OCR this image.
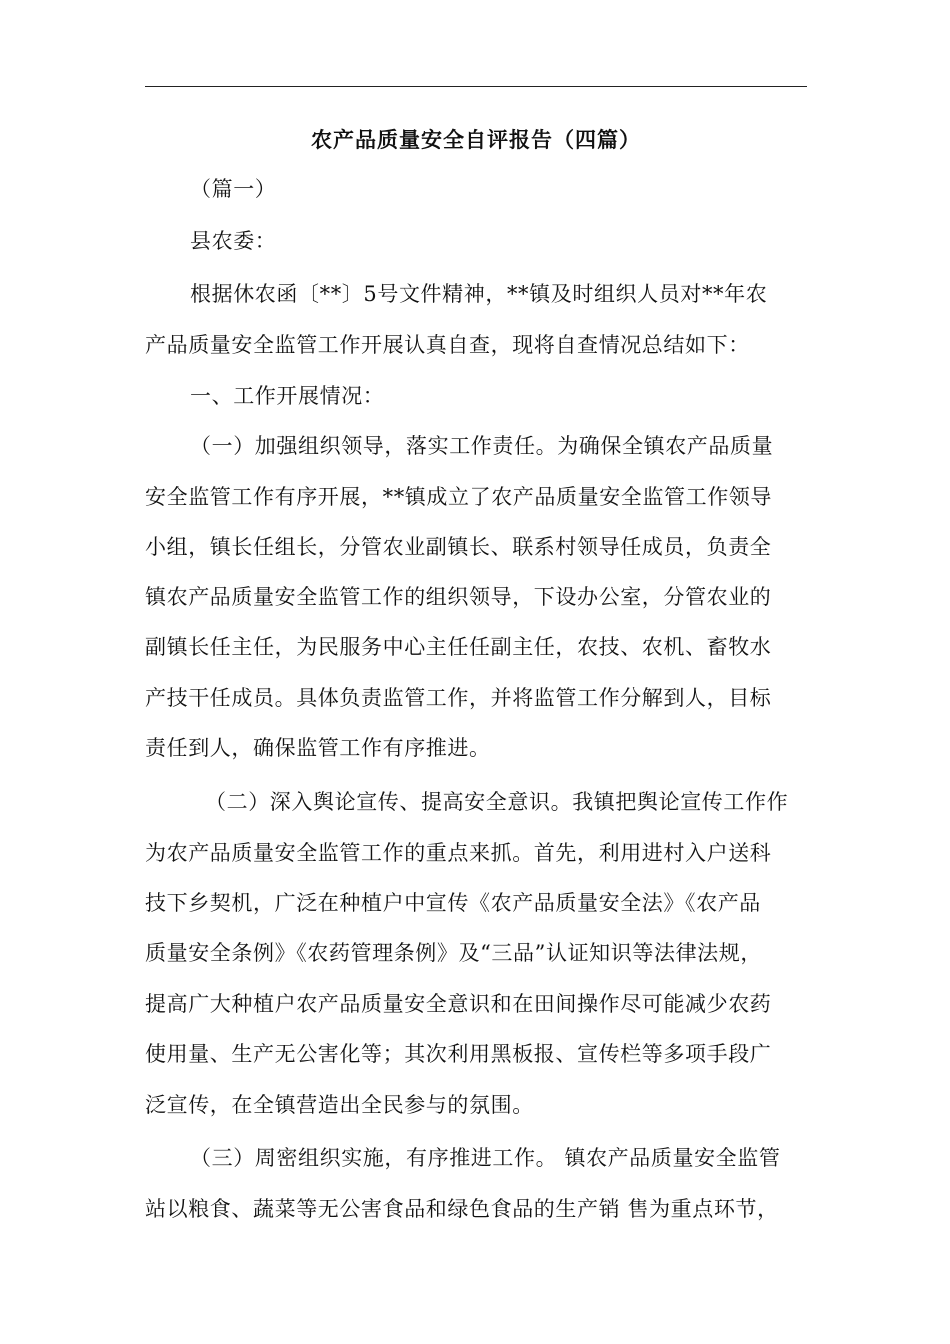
农产品质量安全自评报告（四篇）
（篇一）
县农委：
根据休农函〔**〕5号文件精神，**镇及时组织人员对**年农
产品质量安全监管工作开展认真自查，现将自查情况总结如下：
一、工作开展情况：
（一）加强组织领导，落实工作责任。为确保全镇农产品质量
安全监管工作有序开展，**镇成立了农产品质量安全监管工作领导
小组，镇长任组长，分管农业副镇长、联系村领导任成员，负责全
镇农产品质量安全监管工作的组织领导，下设办公室，分管农业的
副镇长任主任，为民服务中心主任任副主任，农技、农机、畜牧水
产技干任成员。具体负责监管工作，并将监管工作分解到人，目标
责任到人，确保监管工作有序推进。
（二）深入舆论宣传、提高安全意识。我镇把舆论宣传工作作
为农产品质量安全监管工作的重点来抓。首先，利用进村入户送科
技下乡契机，广泛在种植户中宣传《农产品质量安全法》《农产品
质量安全条例》《农药管理条例》及“三品”认证知识等法律法规，
提高广大种植户农产品质量安全意识和在田间操作尽可能减少农药
使用量、生产无公害化等；其次利用黑板报、宣传栏等多项手段广
泛宣传，在全镇营造出全民参与的氛围。
（三）周密组织实施，有序推进工作。 镇农产品质量安全监管
站以粮食、蔬菜等无公害食品和绿色食品的生产销 售为重点环节，
